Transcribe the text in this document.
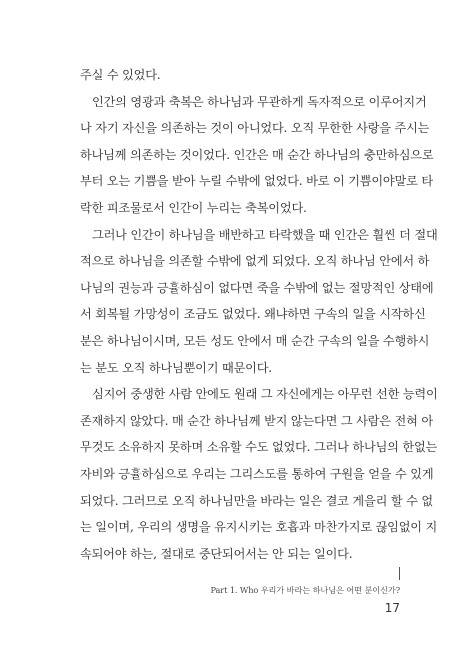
주실 수 있었다.
인간의 영광과 축복은 하나님과 무관하게 독자적으로 이루어지거
나 자기 자신을 의존하는 것이 아니었다. 오직 무한한 사랑을 주시는
하나님께 의존하는 것이었다. 인간은 매 순간 하나님의 충만하심으로
부터 오는 기쁨을 받아 누릴 수밖에 없었다. 바로 이 기쁨이야말로 타
락한 피조물로서 인간이 누리는 축복이었다.
그러나 인간이 하나님을 배반하고 타락했을 때 인간은 훨씬 더 절대
적으로 하나님을 의존할 수밖에 없게 되었다. 오직 하나님 안에서 하
나님의 권능과 긍휼하심이 없다면 죽을 수밖에 없는 절망적인 상태에
서 회복될 가망성이 조금도 없었다. 왜냐하면 구속의 일을 시작하신
분은 하나님이시며, 모든 성도 안에서 매 순간 구속의 일을 수행하시
는 분도 오직 하나님뿐이기 때문이다.
심지어 중생한 사람 안에도 원래 그 자신에게는 아무런 선한 능력이
존재하지 않았다. 매 순간 하나님께 받지 않는다면 그 사람은 전혀 아
무것도 소유하지 못하며 소유할 수도 없었다. 그러나 하나님의 한없는
자비와 긍휼하심으로 우리는 그리스도를 통하여 구원을 얻을 수 있게
되었다. 그러므로 오직 하나님만을 바라는 일은 결코 게을리 할 수 없
는 일이며, 우리의 생명을 유지시키는 호흡과 마찬가지로 끊임없이 지
속되어야 하는, 절대로 중단되어서는 안 되는 일이다.
Part 1. Who 우리가 바라는 하나님은 어떤 분이신가?
17
